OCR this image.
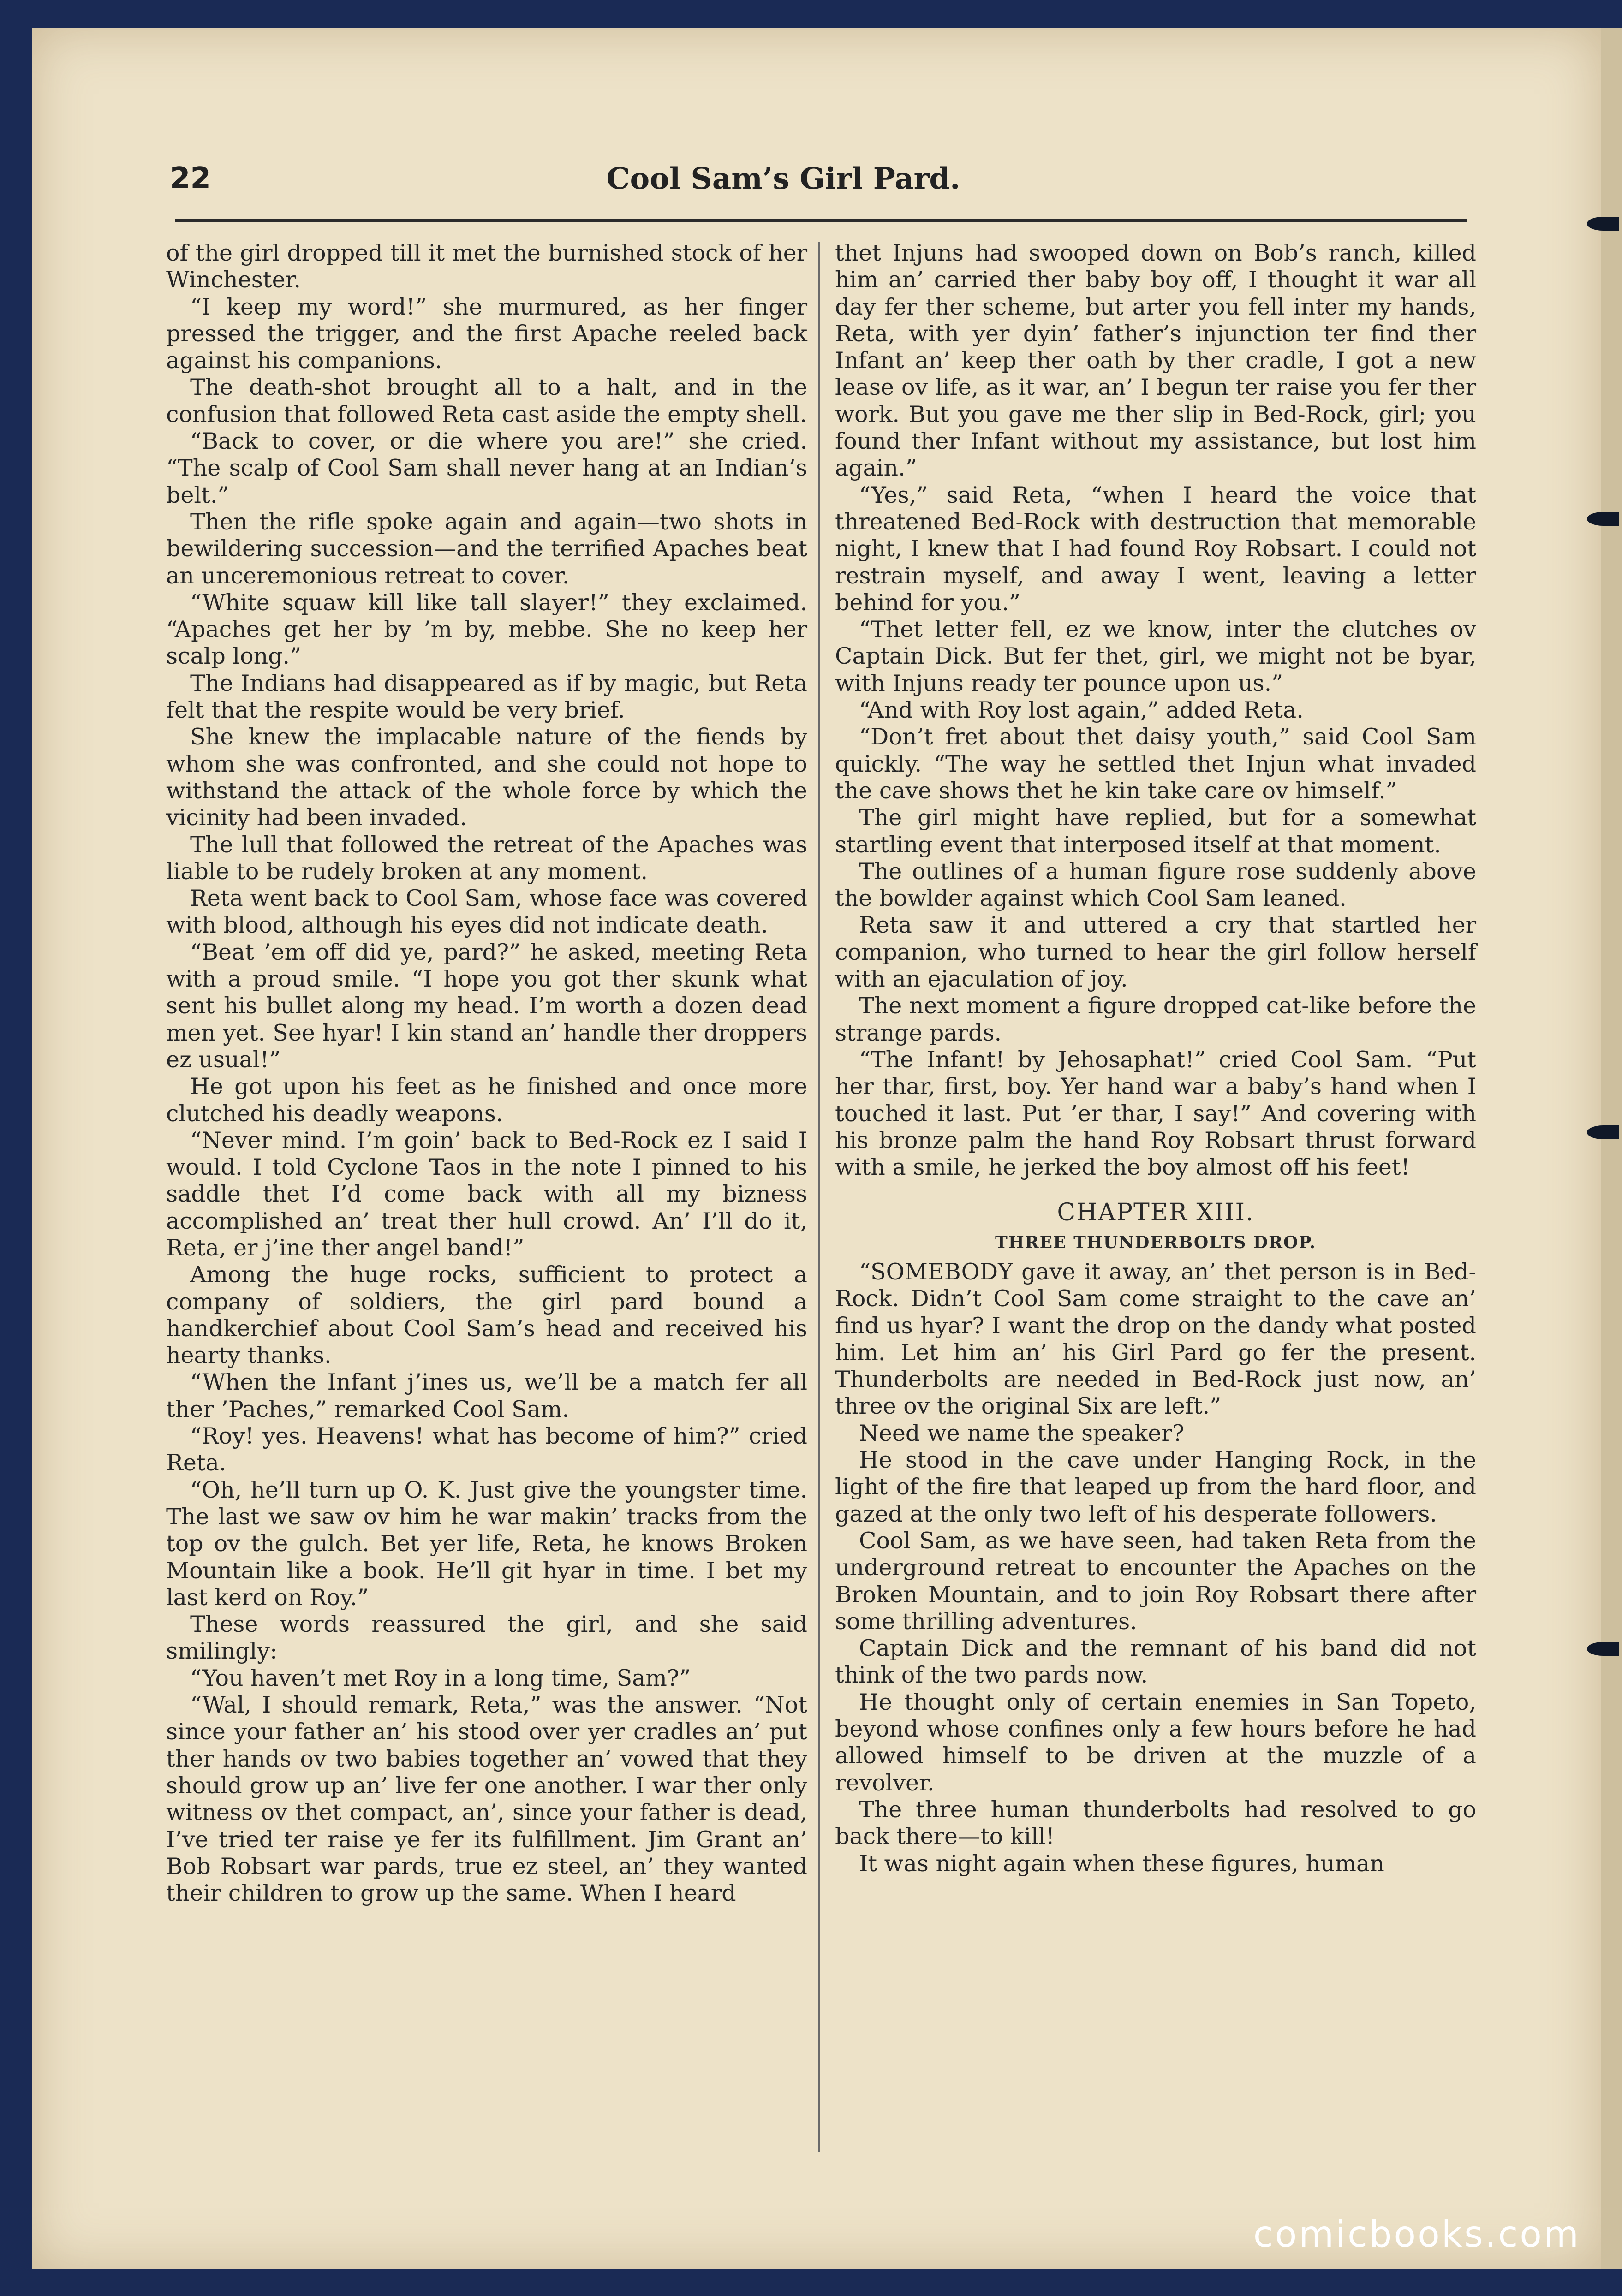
22	Cool Sam’s Girl Pard.

of the girl dropped till it met the burnished stock of her Winchester.

“I keep my word!” she murmured, as her finger pressed the trigger, and the first Apache reeled back against his companions.

The death-shot brought all to a halt, and in the confusion that followed Reta cast aside the empty shell.

“Back to cover, or die where you are!” she cried. “The scalp of Cool Sam shall never hang at an Indian’s belt.”

Then the rifle spoke again and again—two shots in bewildering succession—and the terrified Apaches beat an unceremonious retreat to cover.

“White squaw kill like tall slayer!” they exclaimed. “Apaches get her by ’m by, mebbe. She no keep her scalp long.”

The Indians had disappeared as if by magic, but Reta felt that the respite would be very brief.

She knew the implacable nature of the fiends by whom she was confronted, and she could not hope to withstand the attack of the whole force by which the vicinity had been invaded.

The lull that followed the retreat of the Apaches was liable to be rudely broken at any moment.

Reta went back to Cool Sam, whose face was covered with blood, although his eyes did not indicate death.

“Beat ’em off did ye, pard?” he asked, meeting Reta with a proud smile. “I hope you got ther skunk what sent his bullet along my head. I’m worth a dozen dead men yet. See hyar! I kin stand an’ handle ther droppers ez usual!”

He got upon his feet as he finished and once more clutched his deadly weapons.

“Never mind. I’m goin’ back to Bed-Rock ez I said I would. I told Cyclone Taos in the note I pinned to his saddle thet I’d come back with all my bizness accomplished an’ treat ther hull crowd. An’ I’ll do it, Reta, er j’ine ther angel band!”

Among the huge rocks, sufficient to protect a company of soldiers, the girl pard bound a handkerchief about Cool Sam’s head and received his hearty thanks.

“When the Infant j’ines us, we’ll be a match fer all ther ’Paches,” remarked Cool Sam.

“Roy! yes. Heavens! what has become of him?” cried Reta.

“Oh, he’ll turn up O. K. Just give the youngster time. The last we saw ov him he war makin’ tracks from the top ov the gulch. Bet yer life, Reta, he knows Broken Mountain like a book. He’ll git hyar in time. I bet my last kerd on Roy.”

These words reassured the girl, and she said smilingly:

“You haven’t met Roy in a long time, Sam?”

“Wal, I should remark, Reta,” was the answer. “Not since your father an’ his stood over yer cradles an’ put ther hands ov two babies together an’ vowed that they should grow up an’ live fer one another. I war ther only witness ov thet compact, an’, since your father is dead, I’ve tried ter raise ye fer its fulfillment. Jim Grant an’ Bob Robsart war pards, true ez steel, an’ they wanted their children to grow up the same. When I heard

thet Injuns had swooped down on Bob’s ranch, killed him an’ carried ther baby boy off, I thought it war all day fer ther scheme, but arter you fell inter my hands, Reta, with yer dyin’ father’s injunction ter find ther Infant an’ keep ther oath by ther cradle, I got a new lease ov life, as it war, an’ I begun ter raise you fer ther work. But you gave me ther slip in Bed-Rock, girl; you found ther Infant without my assistance, but lost him again.”

“Yes,” said Reta, “when I heard the voice that threatened Bed-Rock with destruction that memorable night, I knew that I had found Roy Robsart. I could not restrain myself, and away I went, leaving a letter behind for you.”

“Thet letter fell, ez we know, inter the clutches ov Captain Dick. But fer thet, girl, we might not be byar, with Injuns ready ter pounce upon us.”

“And with Roy lost again,” added Reta.

“Don’t fret about thet daisy youth,” said Cool Sam quickly. “The way he settled thet Injun what invaded the cave shows thet he kin take care ov himself.”

The girl might have replied, but for a somewhat startling event that interposed itself at that moment.

The outlines of a human figure rose suddenly above the bowlder against which Cool Sam leaned.

Reta saw it and uttered a cry that startled her companion, who turned to hear the girl follow herself with an ejaculation of joy.

The next moment a figure dropped cat-like before the strange pards.

“The Infant! by Jehosaphat!” cried Cool Sam. “Put her thar, first, boy. Yer hand war a baby’s hand when I touched it last. Put ’er thar, I say!” And covering with his bronze palm the hand Roy Robsart thrust forward with a smile, he jerked the boy almost off his feet!

CHAPTER XIII.
THREE THUNDERBOLTS DROP.

“SOMEBODY gave it away, an’ thet person is in Bed-Rock. Didn’t Cool Sam come straight to the cave an’ find us hyar? I want the drop on the dandy what posted him. Let him an’ his Girl Pard go fer the present. Thunderbolts are needed in Bed-Rock just now, an’ three ov the original Six are left.”

Need we name the speaker?

He stood in the cave under Hanging Rock, in the light of the fire that leaped up from the hard floor, and gazed at the only two left of his desperate followers.

Cool Sam, as we have seen, had taken Reta from the underground retreat to encounter the Apaches on the Broken Mountain, and to join Roy Robsart there after some thrilling adventures.

Captain Dick and the remnant of his band did not think of the two pards now.

He thought only of certain enemies in San Topeto, beyond whose confines only a few hours before he had allowed himself to be driven at the muzzle of a revolver.

The three human thunderbolts had resolved to go back there—to kill!

It was night again when these figures, human

comicbooks.com
